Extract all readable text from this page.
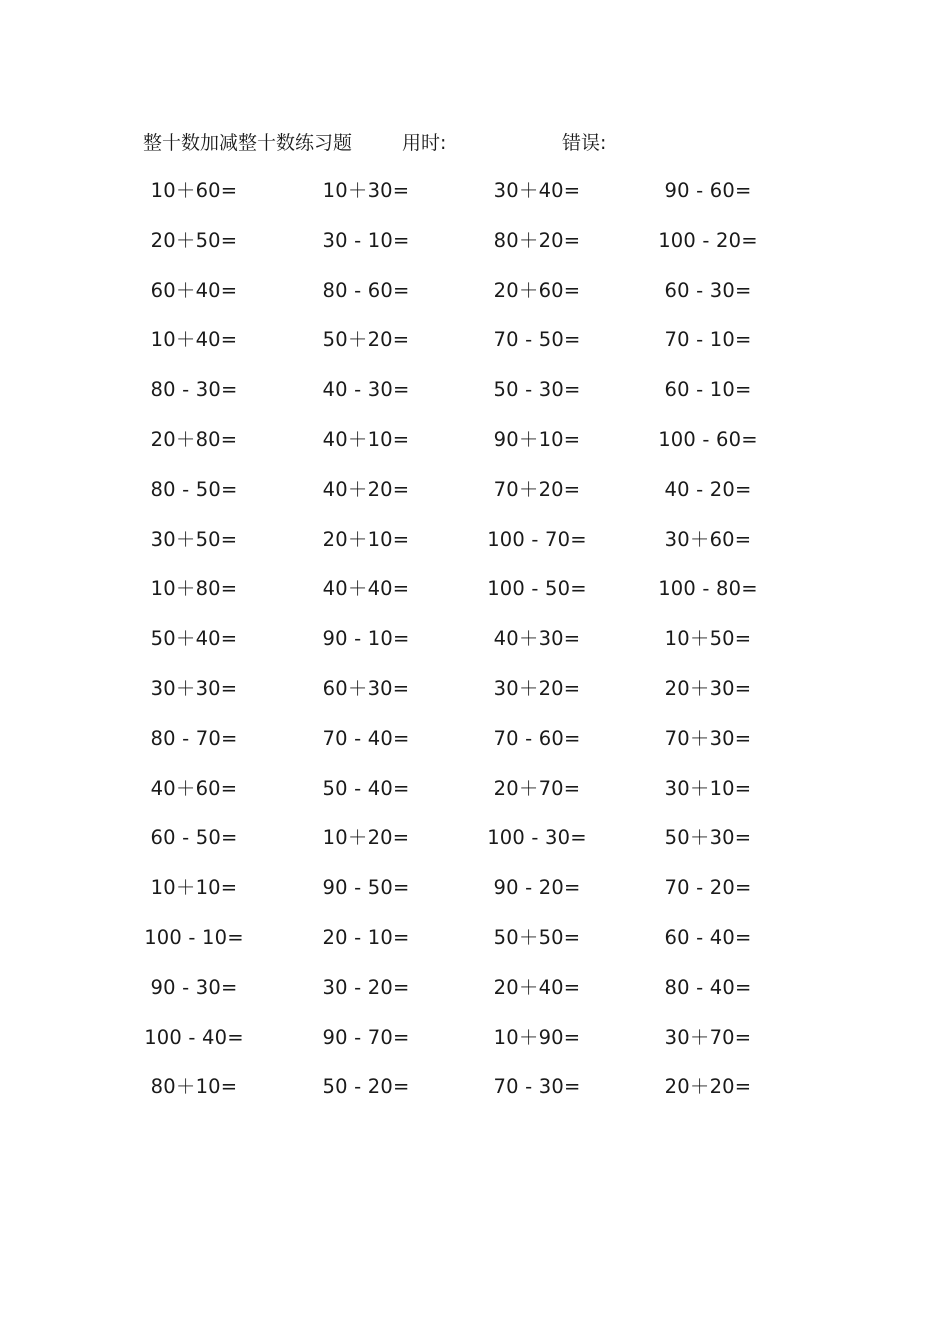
整十数加减整十数练习题	用时:	错误:
10＋60=	10＋30=	30＋40=	90 - 60=
20＋50=	30 - 10=	80＋20=	100 - 20=
60＋40=	80 - 60=	20＋60=	60 - 30=
10＋40=	50＋20=	70 - 50=	70 - 10=
80 - 30=	40 - 30=	50 - 30=	60 - 10=
20＋80=	40＋10=	90＋10=	100 - 60=
80 - 50=	40＋20=	70＋20=	40 - 20=
30＋50=	20＋10=	100 - 70=	30＋60=
10＋80=	40＋40=	100 - 50=	100 - 80=
50＋40=	90 - 10=	40＋30=	10＋50=
30＋30=	60＋30=	30＋20=	20＋30=
80 - 70=	70 - 40=	70 - 60=	70＋30=
40＋60=	50 - 40=	20＋70=	30＋10=
60 - 50=	10＋20=	100 - 30=	50＋30=
10＋10=	90 - 50=	90 - 20=	70 - 20=
100 - 10=	20 - 10=	50＋50=	60 - 40=
90 - 30=	30 - 20=	20＋40=	80 - 40=
100 - 40=	90 - 70=	10＋90=	30＋70=
80＋10=	50 - 20=	70 - 30=	20＋20=
